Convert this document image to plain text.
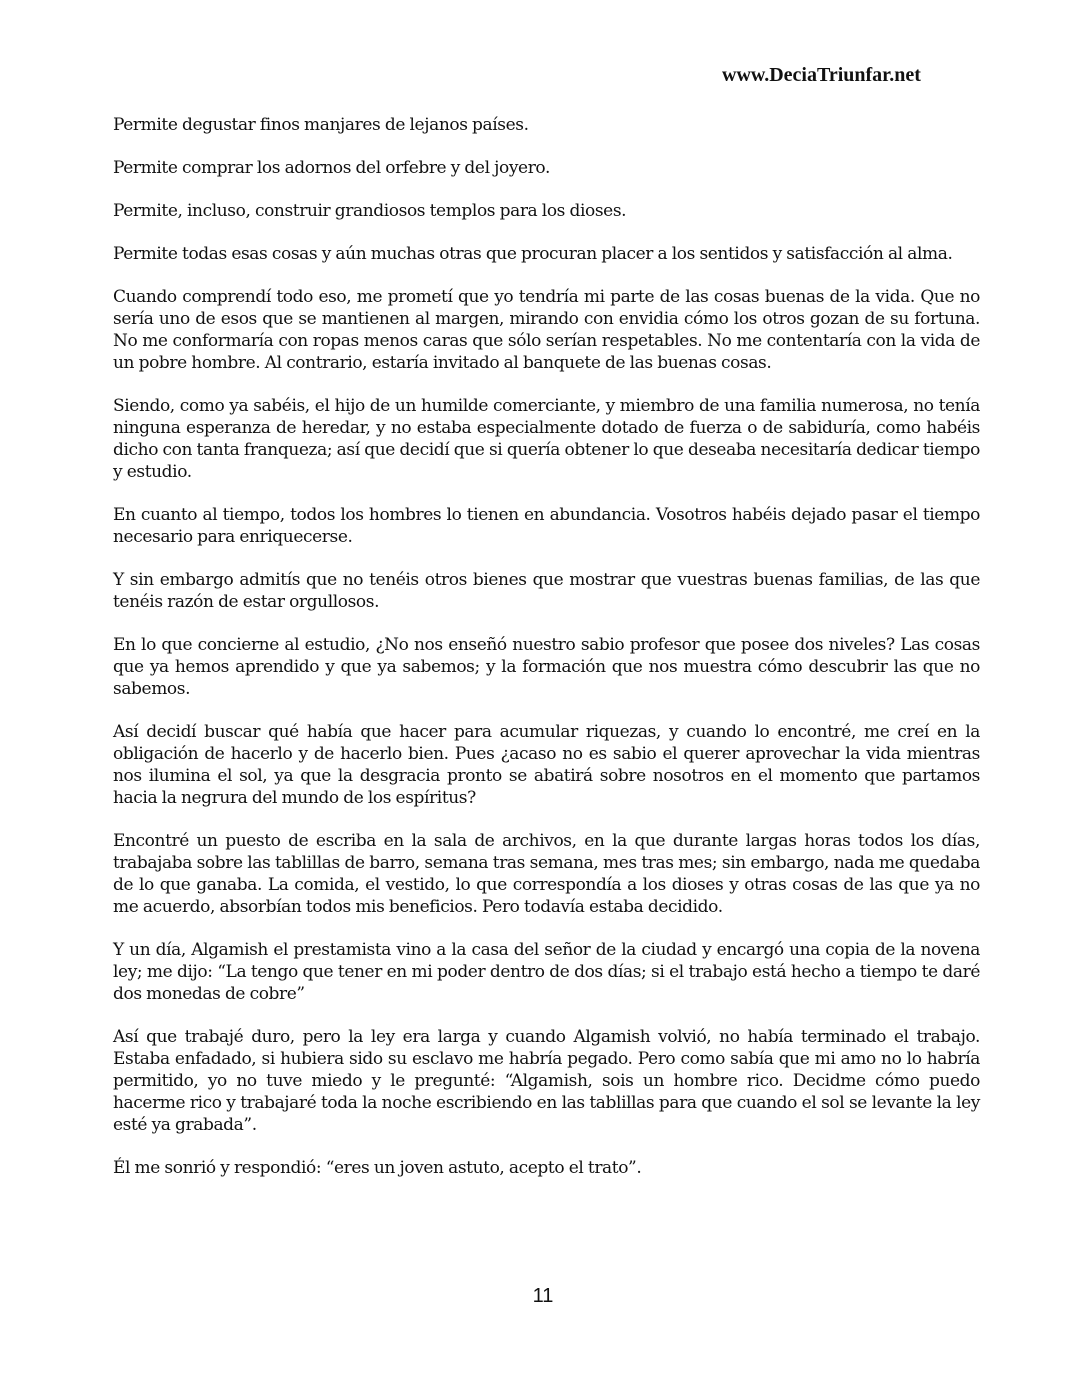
www.DeciaTriunfar.net

Permite degustar finos manjares de lejanos países.

Permite comprar los adornos del orfebre y del joyero.

Permite, incluso, construir grandiosos templos para los dioses.

Permite todas esas cosas y aún muchas otras que procuran placer a los sentidos y satisfacción al alma.

Cuando comprendí todo eso, me prometí que yo tendría mi parte de las cosas buenas de la vida. Que no sería uno de esos que se mantienen al margen, mirando con envidia cómo los otros gozan de su fortuna. No me conformaría con ropas menos caras que sólo serían respetables. No me contentaría con la vida de un pobre hombre. Al contrario, estaría invitado al banquete de las buenas cosas.

Siendo, como ya sabéis, el hijo de un humilde comerciante, y miembro de una familia numerosa, no tenía ninguna esperanza de heredar, y no estaba especialmente dotado de fuerza o de sabiduría, como habéis dicho con tanta franqueza; así que decidí que si quería obtener lo que deseaba necesitaría dedicar tiempo y estudio.

En cuanto al tiempo, todos los hombres lo tienen en abundancia. Vosotros habéis dejado pasar el tiempo necesario para enriquecerse.

Y sin embargo admitís que no tenéis otros bienes que mostrar que vuestras buenas familias, de las que tenéis razón de estar orgullosos.

En lo que concierne al estudio, ¿No nos enseñó nuestro sabio profesor que posee dos niveles? Las cosas que ya hemos aprendido y que ya sabemos; y la formación que nos muestra cómo descubrir las que no sabemos.

Así decidí buscar qué había que hacer para acumular riquezas, y cuando lo encontré, me creí en la obligación de hacerlo y de hacerlo bien. Pues ¿acaso no es sabio el querer aprovechar la vida mientras nos ilumina el sol, ya que la desgracia pronto se abatirá sobre nosotros en el momento que partamos hacia la negrura del mundo de los espíritus?

Encontré un puesto de escriba en la sala de archivos, en la que durante largas horas todos los días, trabajaba sobre las tablillas de barro, semana tras semana, mes tras mes; sin embargo, nada me quedaba de lo que ganaba. La comida, el vestido, lo que correspondía a los dioses y otras cosas de las que ya no me acuerdo, absorbían todos mis beneficios. Pero todavía estaba decidido.

Y un día, Algamish el prestamista vino a la casa del señor de la ciudad y encargó una copia de la novena ley; me dijo: “La tengo que tener en mi poder dentro de dos días; si el trabajo está hecho a tiempo te daré dos monedas de cobre”

Así que trabajé duro, pero la ley era larga y cuando Algamish volvió, no había terminado el trabajo. Estaba enfadado, si hubiera sido su esclavo me habría pegado. Pero como sabía que mi amo no lo habría permitido, yo no tuve miedo y le pregunté: “Algamish, sois un hombre rico. Decidme cómo puedo hacerme rico y trabajaré toda la noche escribiendo en las tablillas para que cuando el sol se levante la ley esté ya grabada”.

Él me sonrió y respondió: “eres un joven astuto, acepto el trato”.

11
